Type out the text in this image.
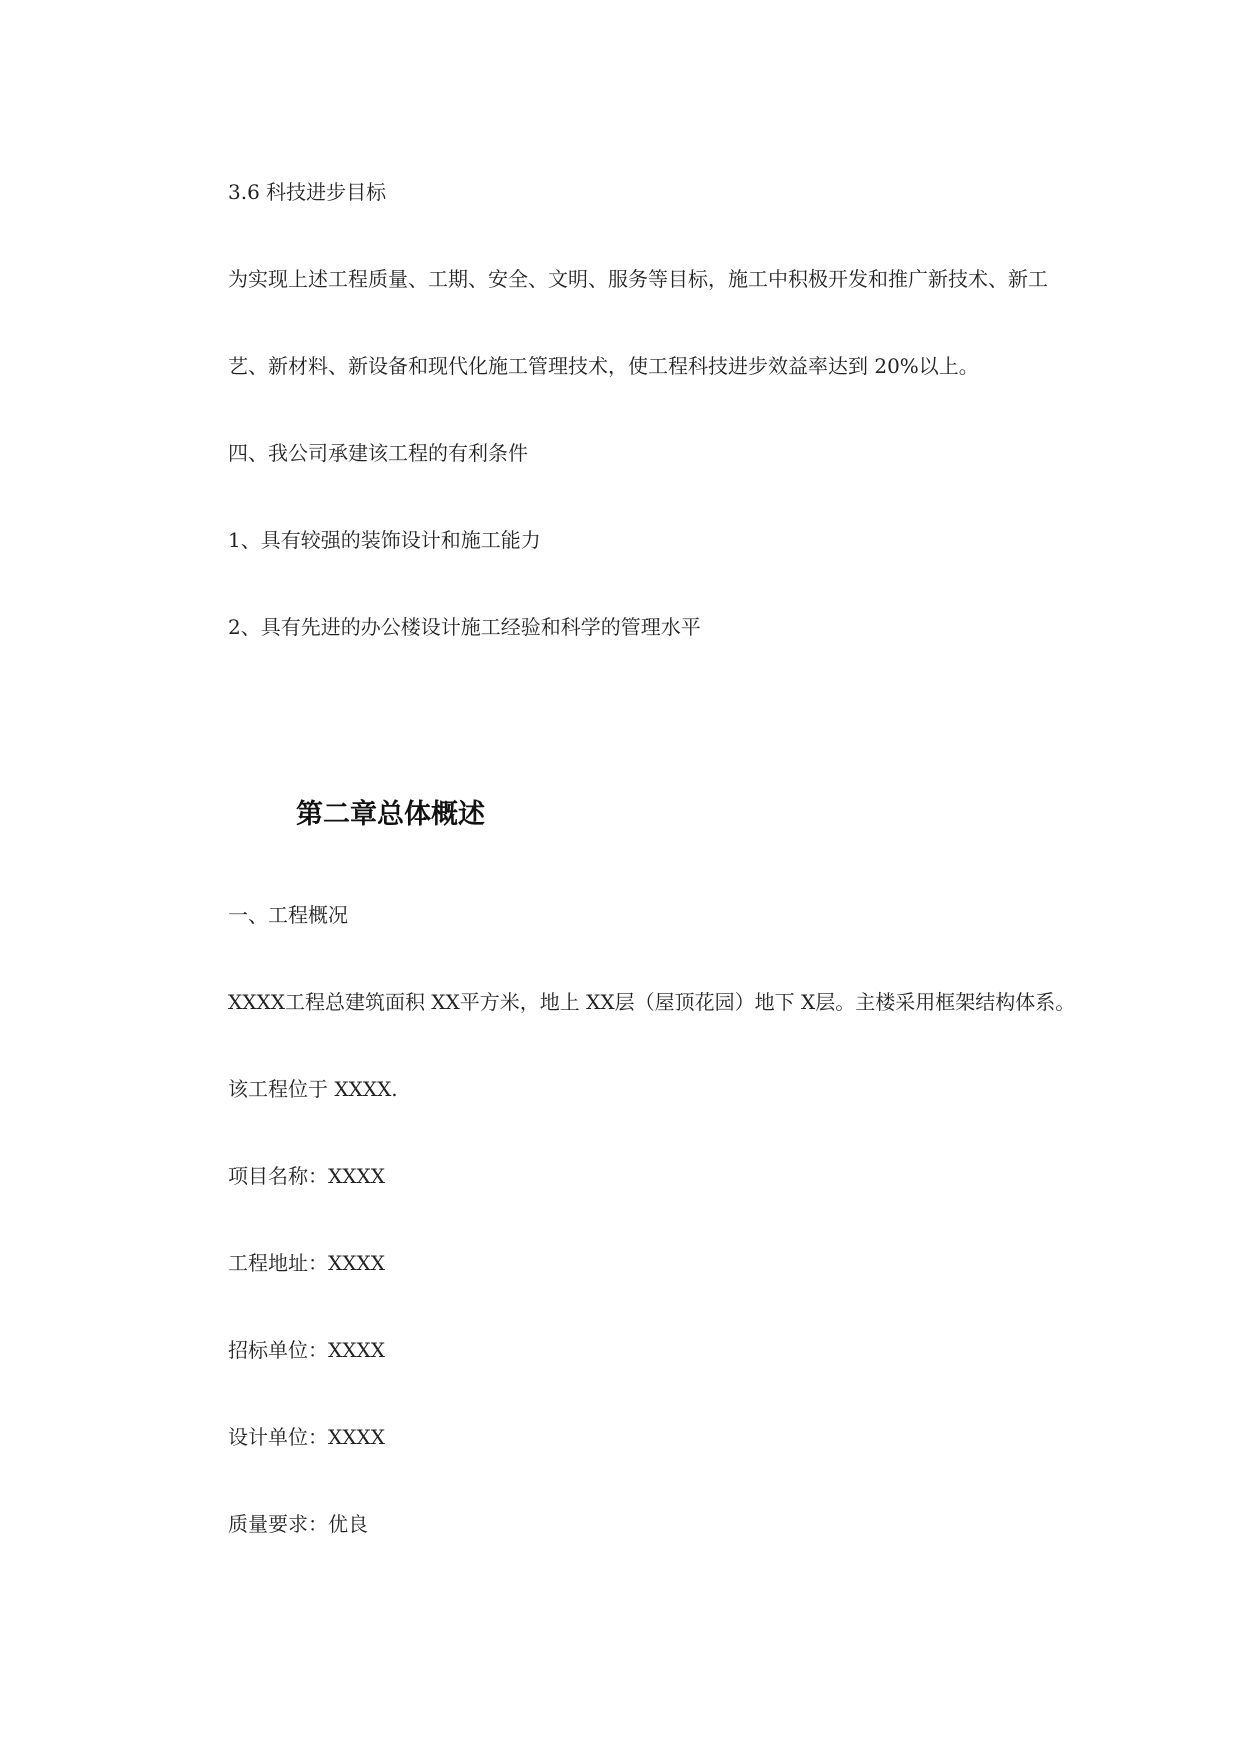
3.6 科技进步目标

为实现上述工程质量、工期、安全、文明、服务等目标，施工中积极开发和推广新技术、新工

艺、新材料、新设备和现代化施工管理技术，使工程科技进步效益率达到 20%以上。

四、我公司承建该工程的有利条件

1、具有较强的装饰设计和施工能力

2、具有先进的办公楼设计施工经验和科学的管理水平

第二章总体概述

一、工程概况

XXXX工程总建筑面积 XX平方米，地上 XX层（屋顶花园）地下 X层。主楼采用框架结构体系。

该工程位于 XXXX.

项目名称：XXXX

工程地址：XXXX

招标单位：XXXX

设计单位：XXXX

质量要求：优良
